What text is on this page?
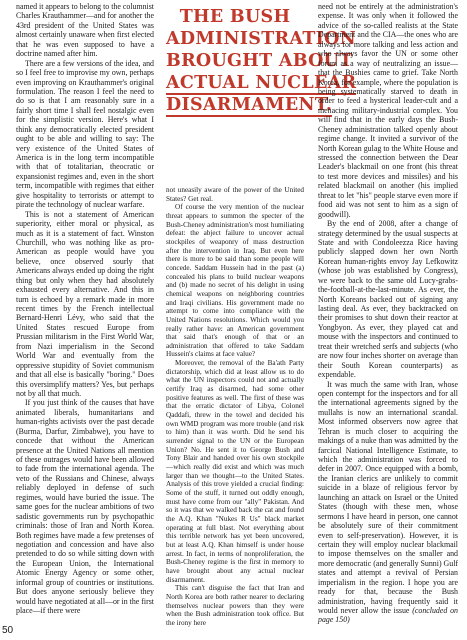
named it appears to belong to the columnist Charles Krauthammer—and for another the 43rd president of the United States was almost certainly unaware when first elected that he was even supposed to have a doctrine named after him.

There are a few versions of the idea, and so I feel free to improvise my own, perhaps even improving on Krauthammer's original formulation. The reason I feel the need to do so is that I am reasonably sure in a fairly short time I shall feel nostalgic even for the simplistic version. Here's what I think any democratically elected president ought to be able and willing to say: The very existence of the United States of America is in the long term incompatible with that of totalitarian, theocratic or expansionist regimes and, even in the short term, incompatible with regimes that either give hospitality to terrorists or attempt to pirate the technology of nuclear warfare.

This is not a statement of American superiority, either moral or physical, as much as it is a statement of fact. Winston Churchill, who was nothing like as pro-American as people would have you believe, once observed sourly that Americans always ended up doing the right thing but only when they had absolutely exhausted every alternative. And this in turn is echoed by a remark made in more recent times by the French intellectual Bernard-Henri Lévy, who said that the United States rescued Europe from Prussian militarism in the First World War, from Nazi imperialism in the Second World War and eventually from the oppressive stupidity of Soviet communism and that all else is basically "boring." Does this oversimplify matters? Yes, but perhaps not by all that much.

If you just think of the causes that have animated liberals, humanitarians and human-rights activists over the past decade (Burma, Darfur, Zimbabwe), you have to concede that without the American presence at the United Nations all mention of these outrages would have been allowed to fade from the international agenda. The veto of the Russians and Chinese, always reliably deployed in defense of such regimes, would have buried the issue. The same goes for the nuclear ambitions of two sadistic governments run by psychopathic criminals: those of Iran and North Korea. Both regimes have made a few pretenses of negotiation and concession and have also pretended to do so while sitting down with the European Union, the International Atomic Energy Agency or some other, informal group of countries or institutions. But does anyone seriously believe they would have negotiated at all—or in the first place—if there were

THE BUSH
ADMINISTRATION
BROUGHT ABOUT
ACTUAL NUCLEAR
DISARMAMENT.

not uneasily aware of the power of the United States? Get real.

Of course the very mention of the nuclear threat appears to summon the specter of the Bush-Cheney administration's most humiliating defeat: the abject failure to uncover actual stockpiles of weaponry of mass destruction after the intervention in Iraq. But even here there is more to be said than some people will concede. Saddam Hussein had in the past (a) concealed his plans to build nuclear weapons and (b) made no secret of his delight in using chemical weapons on neighboring countries and Iraqi civilians. His government made no attempt to come into compliance with the United Nations resolutions. Which would you really rather have: an American government that said that's enough of that or an administration that offered to take Saddam Hussein's claims at face value?

Moreover, the removal of the Ba'ath Party dictatorship, which did at least allow us to do what the UN inspectors could not and actually certify Iraq as disarmed, had some other positive features as well. The first of these was that the erratic dictator of Libya, Colonel Qaddafi, threw in the towel and decided his own WMD program was more trouble (and risk to him) than it was worth. Did he send his surrender signal to the UN or the European Union? No. He sent it to George Bush and Tony Blair and handed over his own stockpile—which really did exist and which was much larger than we thought—to the United States. Analysis of this trove yielded a crucial finding: Some of the stuff, it turned out oddly enough, must have come from our "ally" Pakistan. And so it was that we walked back the cat and found the A.Q. Khan "Nukes R Us" black market operating at full blast. Not everything about this terrible network has yet been uncovered, but at least A.Q. Khan himself is under house arrest. In fact, in terms of nonproliferation, the Bush-Cheney regime is the first in memory to have brought about any actual nuclear disarmament.

This can't disguise the fact that Iran and North Korea are both rather nearer to declaring themselves nuclear powers than they were when the Bush administration took office. But the irony here

need not be entirely at the administration's expense. It was only when it followed the advice of the so-called realists at the State Department and the CIA—the ones who are always for more talking and less action and who always favor the UN or some other forum as a way of neutralizing an issue—that the Bushies came to grief. Take North Korea, for example, where the population is being systematically starved to death in order to feed a hysterical leader-cult and a menacing military-industrial complex. You will find that in the early days the Bush-Cheney administration talked openly about regime change. It invited a survivor of the North Korean gulag to the White House and stressed the connection between the Dear Leader's blackmail on one front (his threat to test more devices and missiles) and his related blackmail on another (his implied threat to let "his" people starve even more if food aid was not sent to him as a sign of goodwill).

By the end of 2008, after a change of strategy determined by the usual suspects at State and with Condoleezza Rice having publicly slapped down her own North Korean human-rights envoy Jay Lefkowitz (whose job was established by Congress), we were back to the same old Lucy-grabs-the-football-at-the-last-minute. As ever, the North Koreans backed out of signing any lasting deal. As ever, they backtracked on their promises to shut down their reactor at Yongbyon. As ever, they played cat and mouse with the inspectors and continued to treat their wretched serfs and subjects (who are now four inches shorter on average than their South Korean counterparts) as expendable.

It was much the same with Iran, whose open contempt for the inspectors and for all the international agreements signed by the mullahs is now an international scandal. Most informed observers now agree that Tehran is much closer to acquiring the makings of a nuke than was admitted by the farcical National Intelligence Estimate, to which the administration was forced to defer in 2007. Once equipped with a bomb, the Iranian clerics are unlikely to commit suicide in a blaze of religious fervor by launching an attack on Israel or the United States (though with these men, whose sermons I have heard in person, one cannot be absolutely sure of their commitment even to self-preservation). However, it is certain they will employ nuclear blackmail to impose themselves on the smaller and more democratic (and generally Sunni) Gulf states and attempt a revival of Persian imperialism in the region. I hope you are ready for that, because the Bush administration, having frequently said it would never allow the issue (concluded on page 150)

50
